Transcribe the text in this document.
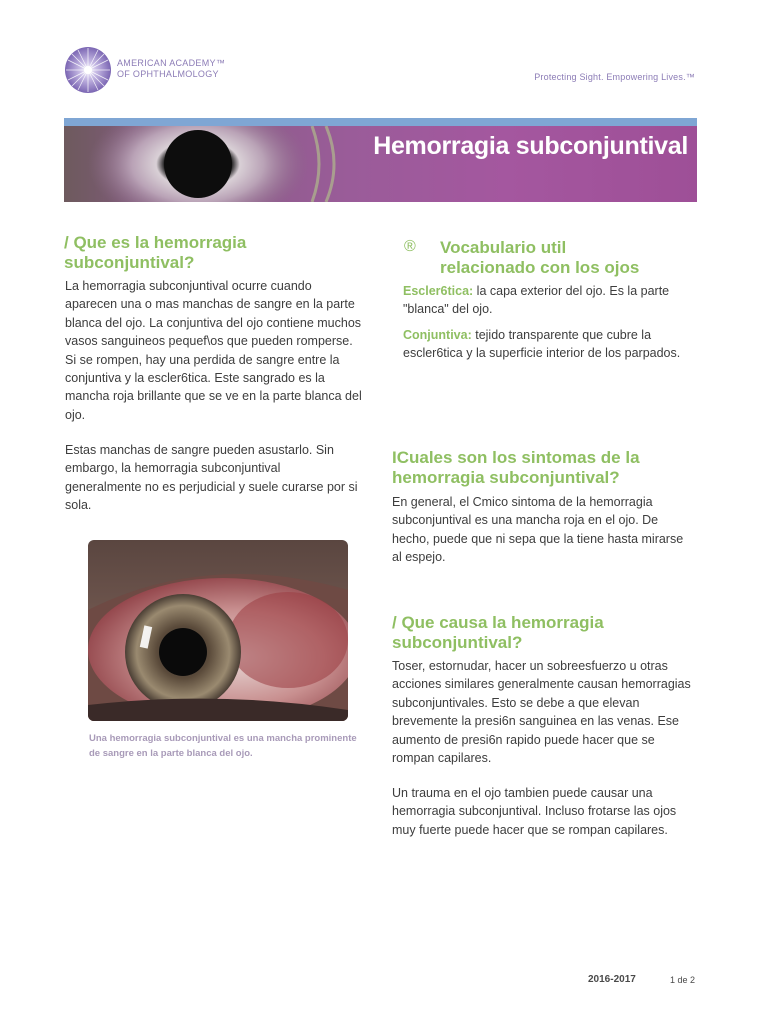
AMERICAN ACADEMY™
OF OPHTHALMOLOGY	Protecting Sight. Empowering Lives.™
Hemorragia subconjuntival
/ Que es la hemorragia
subconjuntival?

La hemorragia subconjuntival ocurre cuando aparecen una o mas manchas de sangre en la parte blanca del ojo. La conjuntiva del ojo contiene muchos vasos sanguineos pequef\os que pueden romperse. Si se rompen, hay una perdida de sangre entre la conjuntiva y la escler6tica. Este sangrado es la mancha roja brillante que se ve en la parte blanca del ojo.

Estas manchas de sangre pueden asustarlo. Sin embargo, la hemorragia subconjuntival generalmente no es perjudicial y suele curarse por si sola.

Una hemorragia subconjuntival es una mancha prominente de sangre en la parte blanca del ojo.
® Vocabulario util
relacionado con los ojos

Escler6tica: la capa exterior del ojo. Es la parte "blanca" del ojo.

Conjuntiva: tejido transparente que cubre la escler6tica y la superficie interior de los parpados.

ICuales son los sintomas de la
hemorragia subconjuntival?

En general, el Cmico sintoma de la hemorragia subconjuntival es una mancha roja en el ojo. De hecho, puede que ni sepa que la tiene hasta mirarse al espejo.

/ Que causa la hemorragia
subconjuntival?

Toser, estornudar, hacer un sobreesfuerzo u otras acciones similares generalmente causan hemorragias subconjuntivales. Esto se debe a que elevan brevemente la presi6n sanguinea en las venas. Ese aumento de presi6n rapido puede hacer que se rompan capilares.

Un trauma en el ojo tambien puede causar una hemorragia subconjuntival. Incluso frotarse las ojos muy fuerte puede hacer que se rompan capilares.

2016-2017	1 de 2
